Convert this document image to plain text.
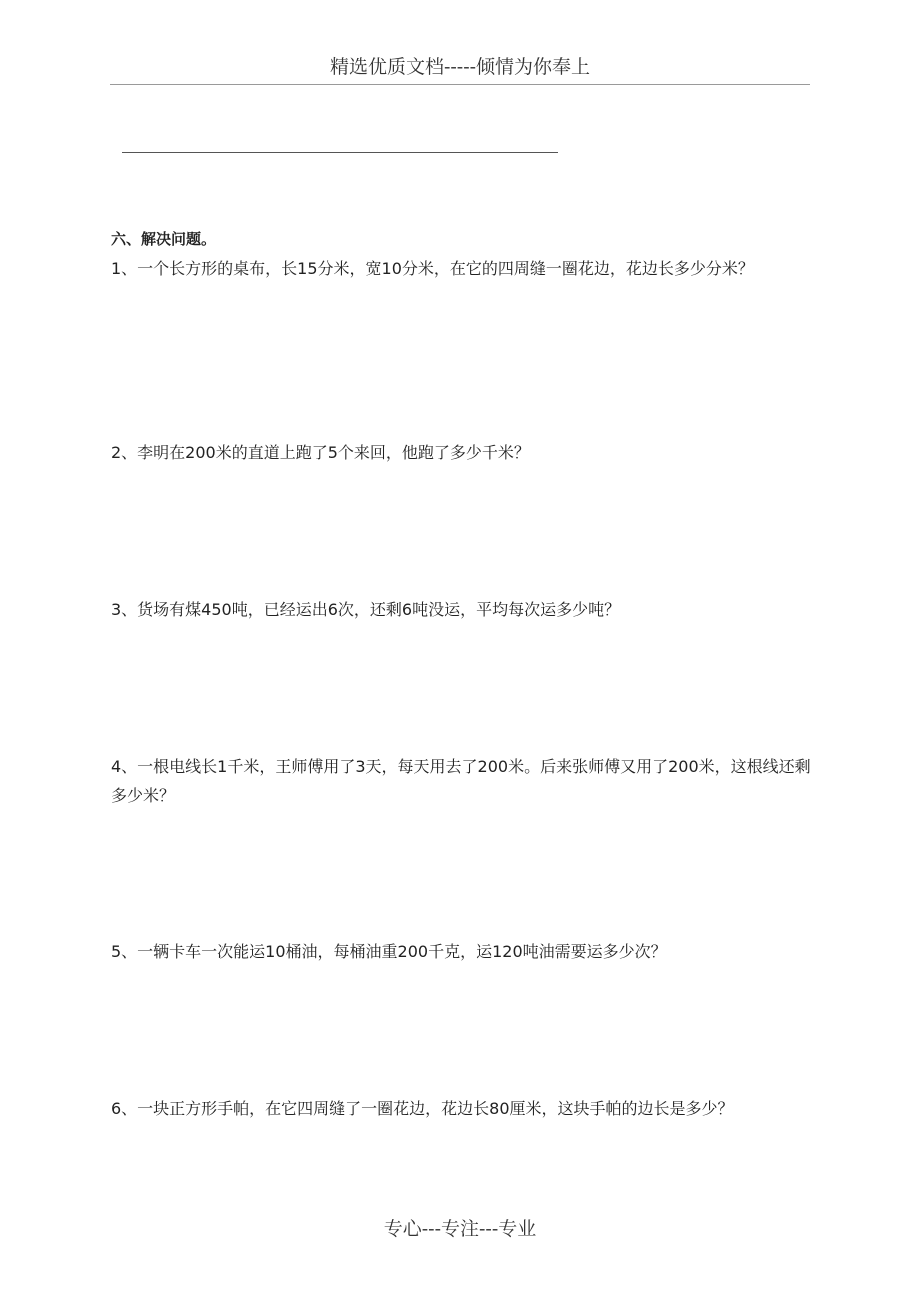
精选优质文档-----倾情为你奉上
六、解决问题。
1、一个长方形的桌布，长15分米，宽10分米，在它的四周缝一圈花边，花边长多少分米？
2、李明在200米的直道上跑了5个来回，他跑了多少千米？
3、货场有煤450吨，已经运出6次，还剩6吨没运，平均每次运多少吨？
4、一根电线长1千米，王师傅用了3天，每天用去了200米。后来张师傅又用了200米，这根线还剩多少米？
5、一辆卡车一次能运10桶油，每桶油重200千克，运120吨油需要运多少次？
6、一块正方形手帕，在它四周缝了一圈花边，花边长80厘米，这块手帕的边长是多少？
专心---专注---专业
